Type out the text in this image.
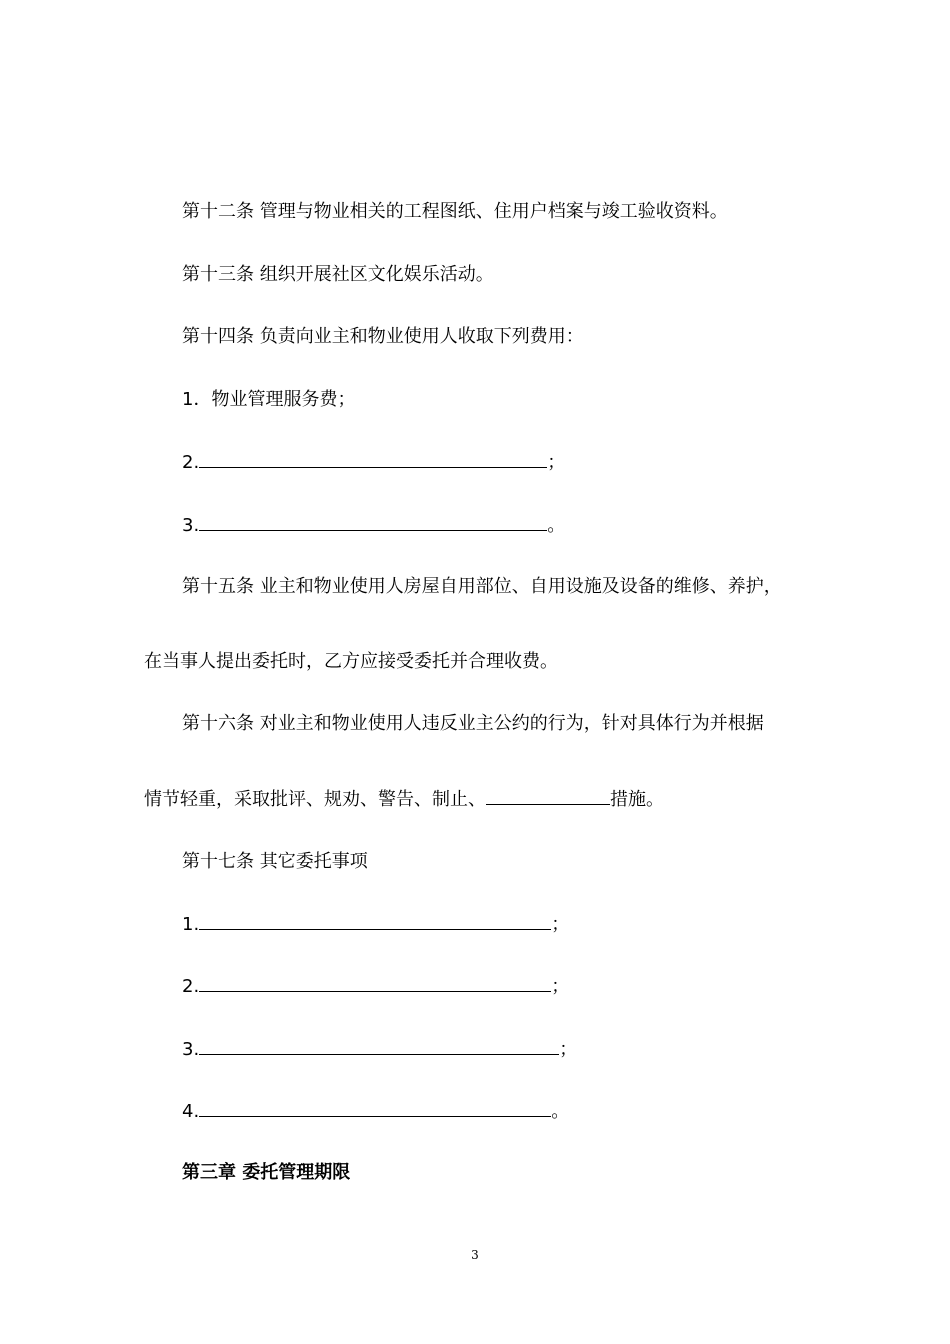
第十二条 管理与物业相关的工程图纸、住用户档案与竣工验收资料。
第十三条 组织开展社区文化娱乐活动。
第十四条 负责向业主和物业使用人收取下列费用：
1．物业管理服务费；
2.	；
3.	。
第十五条 业主和物业使用人房屋自用部位、自用设施及设备的维修、养护，
在当事人提出委托时，乙方应接受委托并合理收费。
第十六条 对业主和物业使用人违反业主公约的行为，针对具体行为并根据
情节轻重，采取批评、规劝、警告、制止、	措施。
第十七条 其它委托事项
1.	；
2.	；
3.	；
4.	。
第三章 委托管理期限
3
